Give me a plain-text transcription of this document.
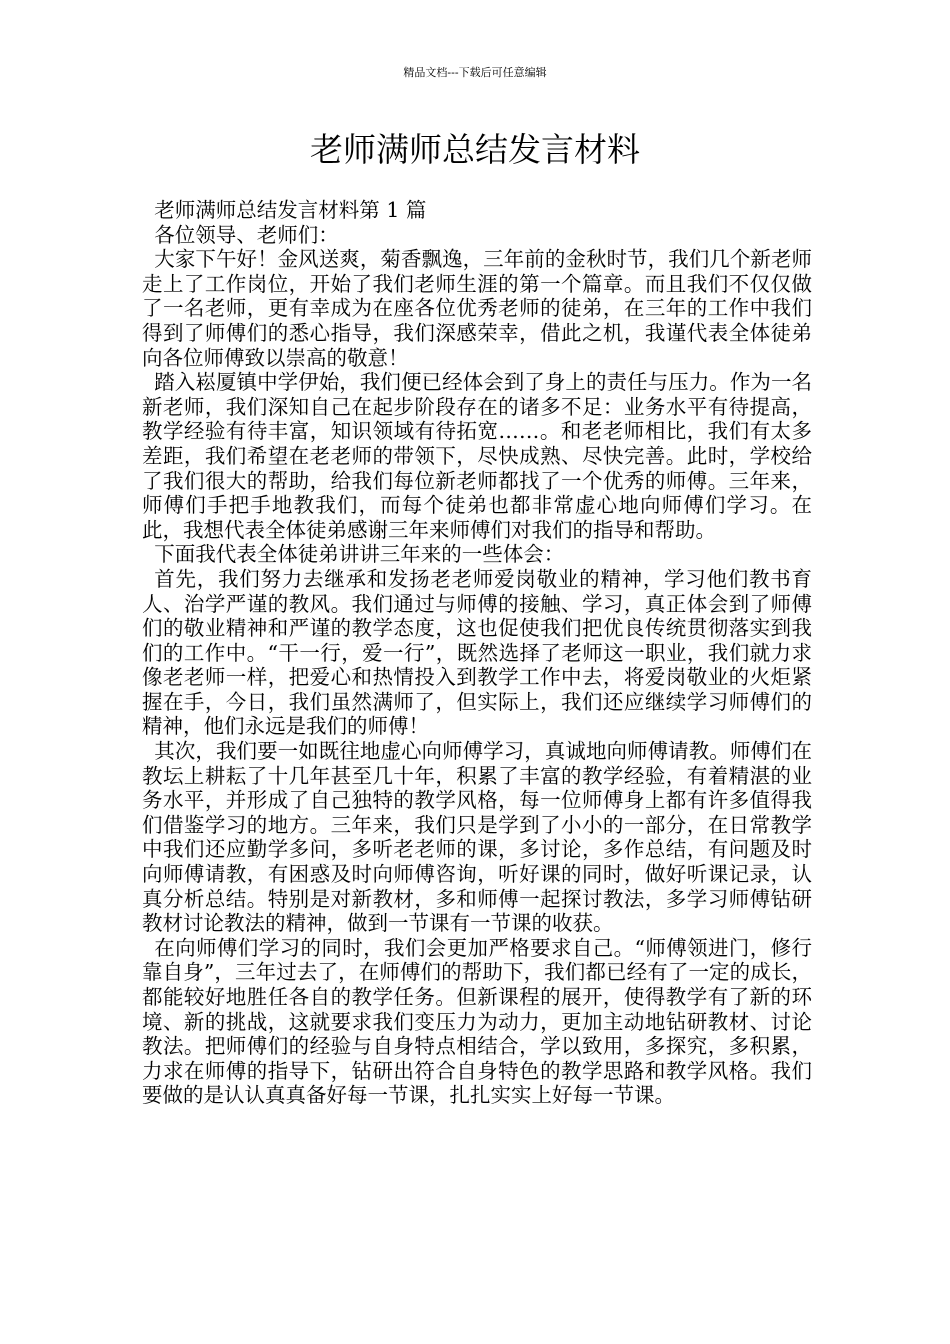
精品文档---下载后可任意编辑
老师满师总结发言材料

老师满师总结发言材料第 1 篇

各位领导、老师们：

大家下午好！金风送爽，菊香飘逸，三年前的金秋时节，我们几个新老师走上了工作岗位，开始了我们老师生涯的第一个篇章。而且我们不仅仅做了一名老师，更有幸成为在座各位优秀老师的徒弟，在三年的工作中我们得到了师傅们的悉心指导，我们深感荣幸，借此之机，我谨代表全体徒弟向各位师傅致以崇高的敬意！

踏入崧厦镇中学伊始，我们便已经体会到了身上的责任与压力。作为一名新老师，我们深知自己在起步阶段存在的诸多不足：业务水平有待提高，教学经验有待丰富，知识领域有待拓宽……。和老老师相比，我们有太多差距，我们希望在老老师的带领下，尽快成熟、尽快完善。此时，学校给了我们很大的帮助，给我们每位新老师都找了一个优秀的师傅。三年来，师傅们手把手地教我们，而每个徒弟也都非常虚心地向师傅们学习。在此，我想代表全体徒弟感谢三年来师傅们对我们的指导和帮助。

下面我代表全体徒弟讲讲三年来的一些体会：

首先，我们努力去继承和发扬老老师爱岗敬业的精神，学习他们教书育人、治学严谨的教风。我们通过与师傅的接触、学习，真正体会到了师傅们的敬业精神和严谨的教学态度，这也促使我们把优良传统贯彻落实到我们的工作中。“干一行，爱一行”，既然选择了老师这一职业，我们就力求像老老师一样，把爱心和热情投入到教学工作中去，将爱岗敬业的火炬紧握在手，今日，我们虽然满师了，但实际上，我们还应继续学习师傅们的精神，他们永远是我们的师傅！

其次，我们要一如既往地虚心向师傅学习，真诚地向师傅请教。师傅们在教坛上耕耘了十几年甚至几十年，积累了丰富的教学经验，有着精湛的业务水平，并形成了自己独特的教学风格，每一位师傅身上都有许多值得我们借鉴学习的地方。三年来，我们只是学到了小小的一部分，在日常教学中我们还应勤学多问，多听老老师的课，多讨论，多作总结，有问题及时向师傅请教，有困惑及时向师傅咨询，听好课的同时，做好听课记录，认真分析总结。特别是对新教材，多和师傅一起探讨教法，多学习师傅钻研教材讨论教法的精神，做到一节课有一节课的收获。

在向师傅们学习的同时，我们会更加严格要求自己。“师傅领进门，修行靠自身”，三年过去了，在师傅们的帮助下，我们都已经有了一定的成长，都能较好地胜任各自的教学任务。但新课程的展开，使得教学有了新的环境、新的挑战，这就要求我们变压力为动力，更加主动地钻研教材、讨论教法。把师傅们的经验与自身特点相结合，学以致用，多探究，多积累，力求在师傅的指导下，钻研出符合自身特色的教学思路和教学风格。我们要做的是认认真真备好每一节课，扎扎实实上好每一节课。
